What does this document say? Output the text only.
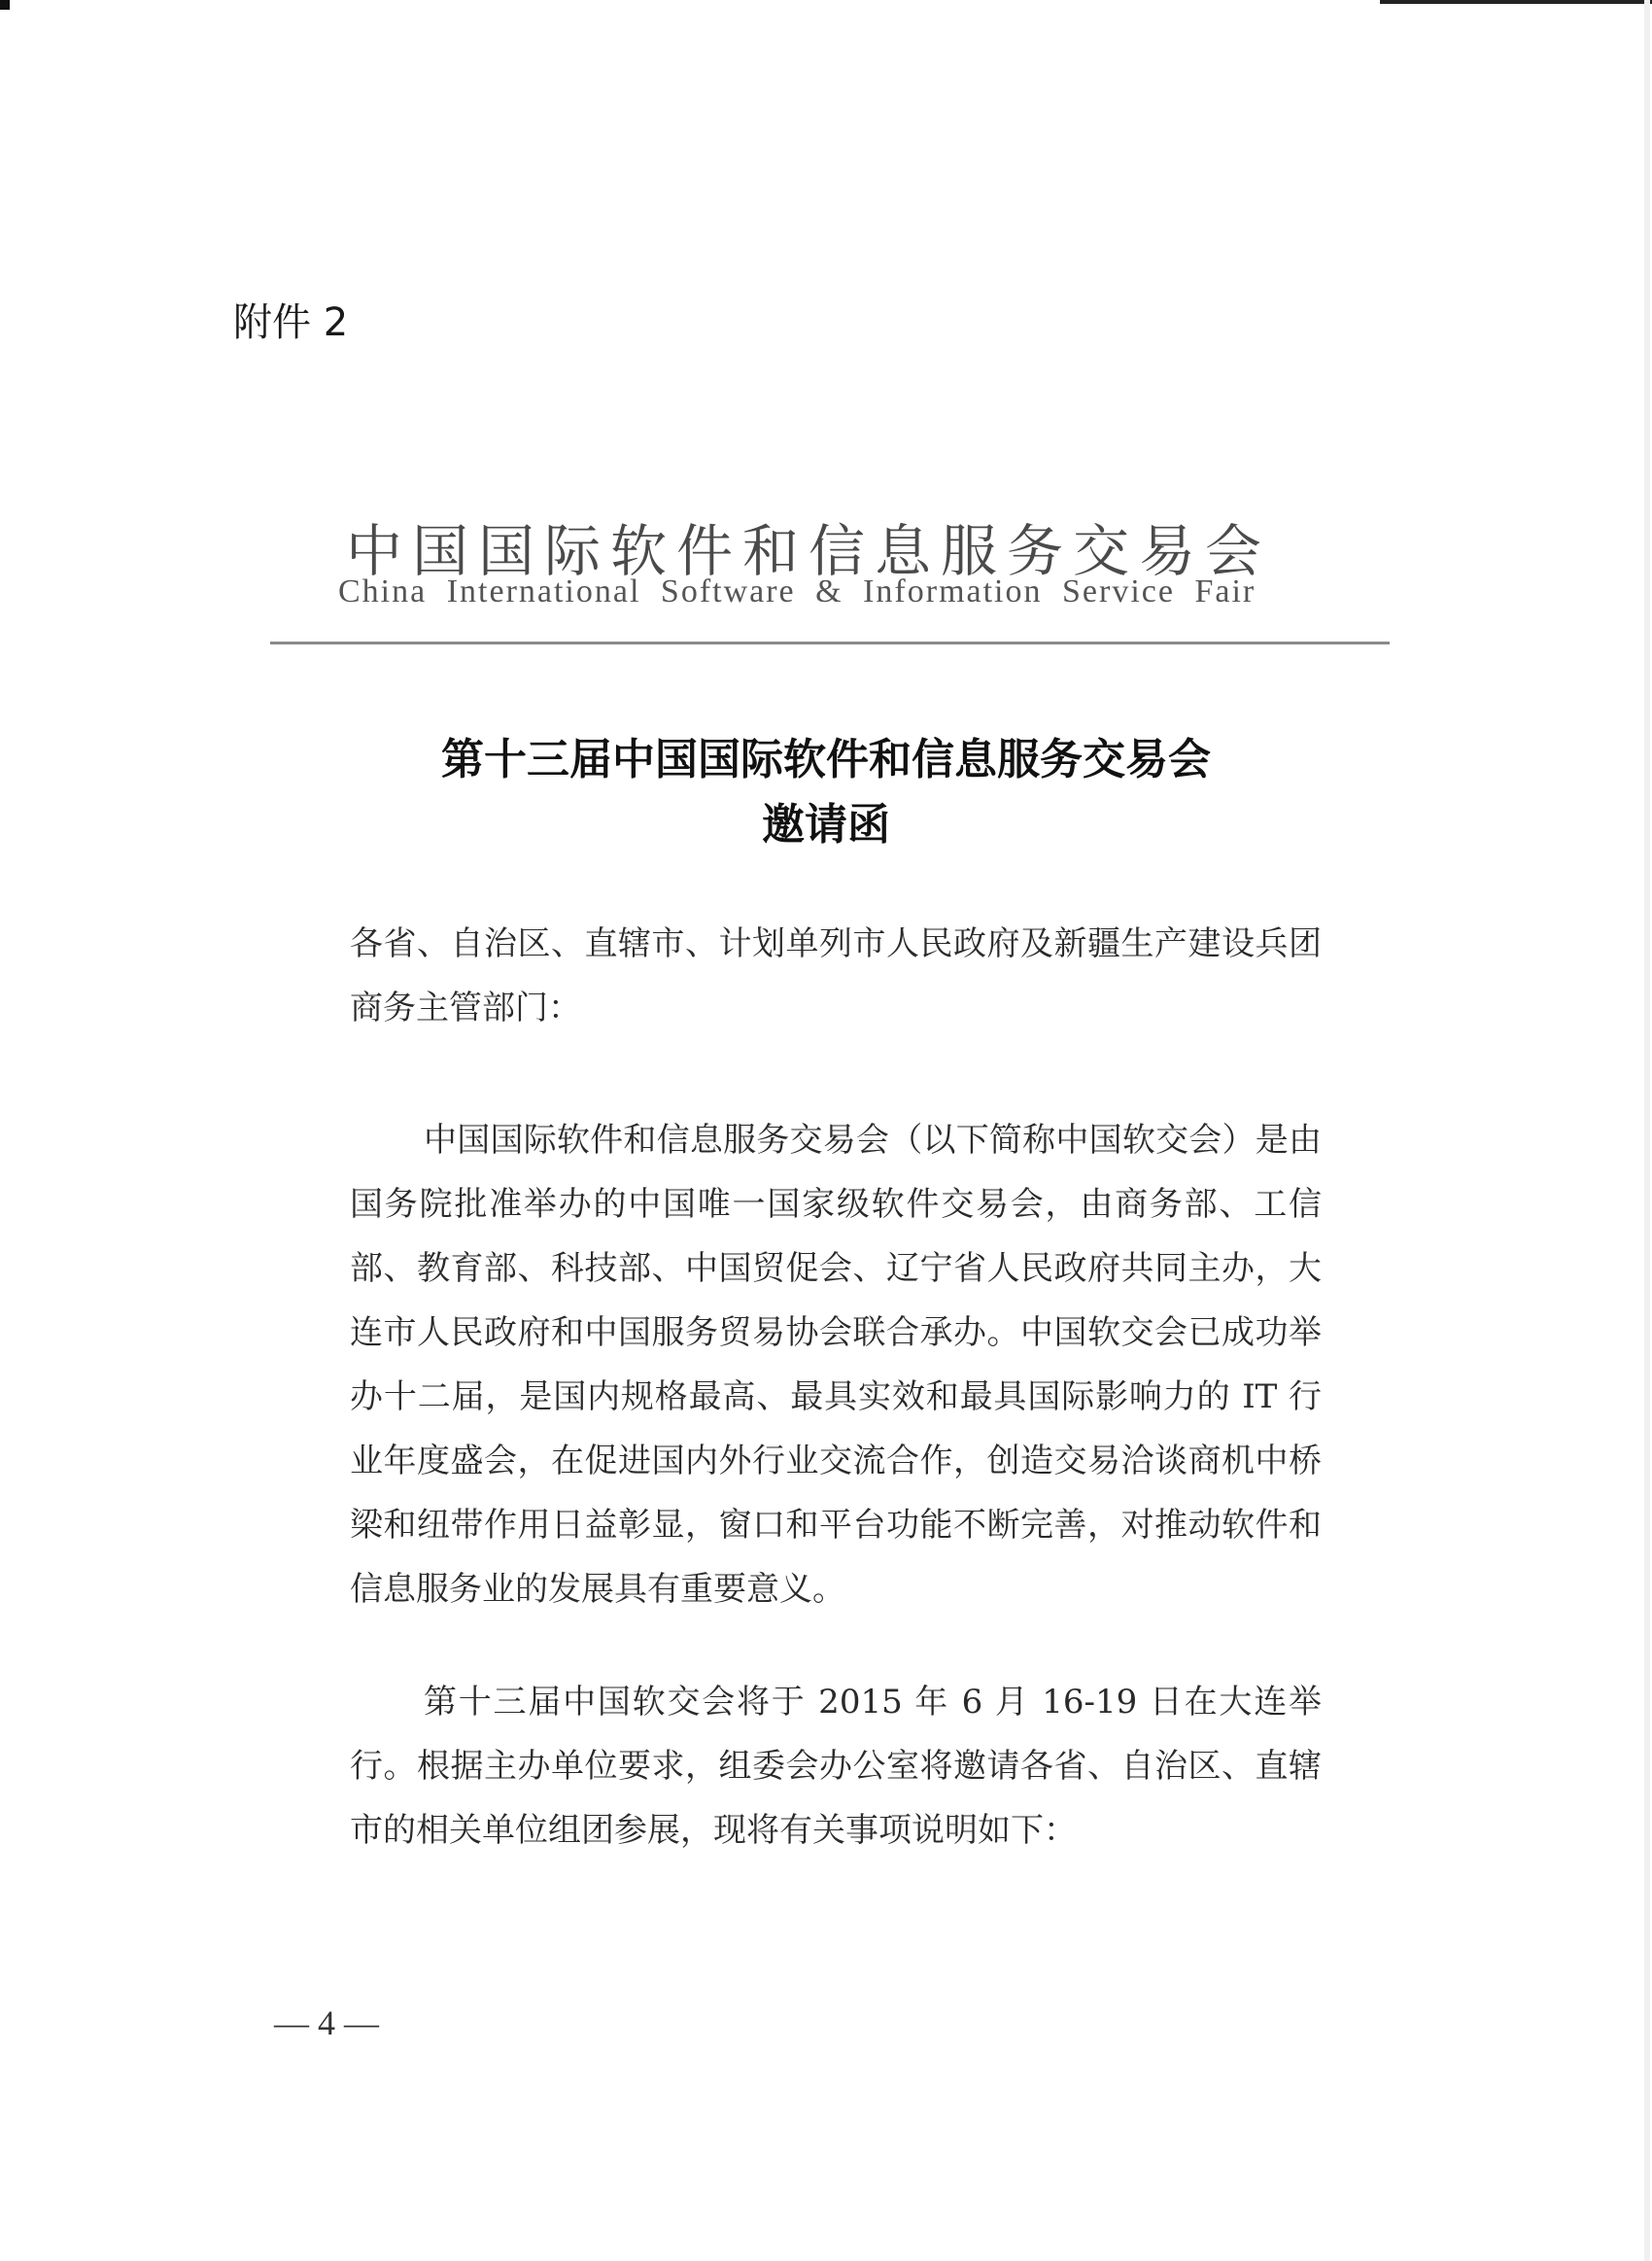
附件 2
中国国际软件和信息服务交易会
China International Software & Information Service Fair
第十三届中国国际软件和信息服务交易会
邀请函
各省、自治区、直辖市、计划单列市人民政府及新疆生产建设兵团商务主管部门：
中国国际软件和信息服务交易会（以下简称中国软交会）是由国务院批准举办的中国唯一国家级软件交易会，由商务部、工信部、教育部、科技部、中国贸促会、辽宁省人民政府共同主办，大连市人民政府和中国服务贸易协会联合承办。中国软交会已成功举办十二届，是国内规格最高、最具实效和最具国际影响力的 IT 行业年度盛会，在促进国内外行业交流合作，创造交易洽谈商机中桥梁和纽带作用日益彰显，窗口和平台功能不断完善，对推动软件和信息服务业的发展具有重要意义。
第十三届中国软交会将于 2015 年 6 月 16-19 日在大连举行。根据主办单位要求，组委会办公室将邀请各省、自治区、直辖市的相关单位组团参展，现将有关事项说明如下：
— 4 —
